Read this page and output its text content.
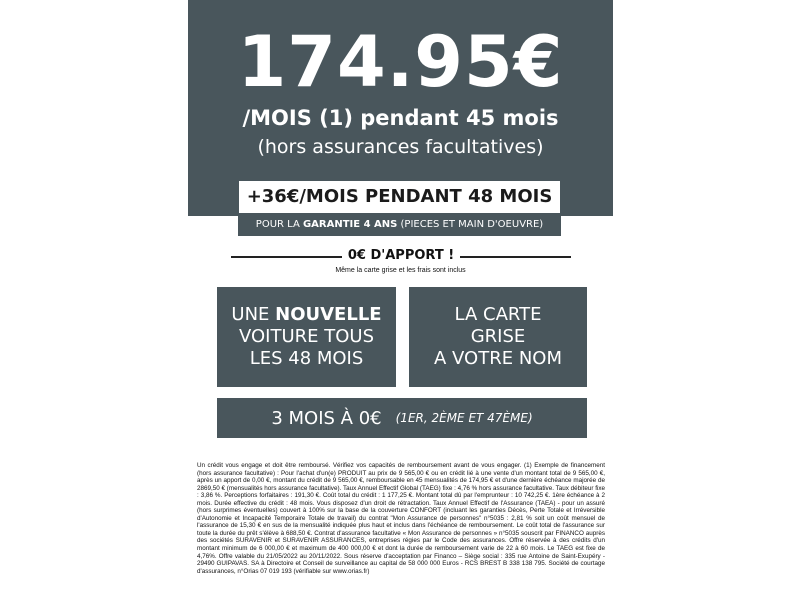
174.95€
/MOIS (1) pendant 45 mois
(hors assurances facultatives)
+36€/MOIS PENDANT 48 MOIS
POUR LA GARANTIE 4 ANS (PIECES ET MAIN D'OEUVRE)
0€ D'APPORT !
Même la carte grise et les frais sont inclus
UNE NOUVELLE
VOITURE TOUS
LES 48 MOIS
LA CARTE
GRISE
A VOTRE NOM
3 MOIS À 0€ (1ER, 2ÈME ET 47ÈME)
Un crédit vous engage et doit être remboursé. Vérifiez vos capacités de remboursement avant de vous engager. (1) Exemple de financement (hors assurance facultative) : Pour l'achat d'un(e) PRODUIT au prix de 9 565,00 € ou en crédit lié à une vente d'un montant total de 9 565,00 €, après un apport de 0,00 €, montant du crédit de 9 565,00 €, remboursable en 45 mensualités de 174,95 € et d'une dernière échéance majorée de 2869,50 € (mensualités hors assurance facultative). Taux Annuel Effectif Global (TAEG) fixe : 4,76 % hors assurance facultative. Taux débiteur fixe : 3,86 %. Perceptions forfaitaires : 191,30 €. Coût total du crédit : 1 177,25 €. Montant total dû par l'emprunteur : 10 742,25 €. 1ère échéance à 2 mois. Durée effective du crédit : 48 mois. Vous disposez d'un droit de rétractation. Taux Annuel Effectif de l'Assurance (TAEA) - pour un assuré (hors surprimes éventuelles) couvert à 100% sur la base de la couverture CONFORT (incluant les garanties Décès, Perte Totale et Irréversible d'Autonomie et Incapacité Temporaire Totale de travail) du contrat "Mon Assurance de personnes" n°5035 : 2,81 % soit un coût mensuel de l'assurance de 15,30 € en sus de la mensualité indiquée plus haut et inclus dans l'échéance de remboursement. Le coût total de l'assurance sur toute la durée du prêt s'élève à 688,50 €. Contrat d'assurance facultative « Mon Assurance de personnes » n°5035 souscrit par FINANCO auprès des sociétés SURAVENIR et SURAVENIR ASSURANCES, entreprises régies par le Code des assurances. Offre réservée à des crédits d'un montant minimum de 6 000,00 € et maximum de 400 000,00 € et dont la durée de remboursement varie de 22 à 60 mois. Le TAEG est fixe de 4,76%. Offre valable du 21/05/2022 au 20/11/2022. Sous réserve d'acceptation par Financo – Siège social : 335 rue Antoine de Saint-Exupéry - 29490 GUIPAVAS. SA à Directoire et Conseil de surveillance au capital de 58 000 000 Euros - RCS BREST B 338 138 795. Société de courtage d'assurances, n°Orias 07 019 193 (vérifiable sur www.orias.fr)
